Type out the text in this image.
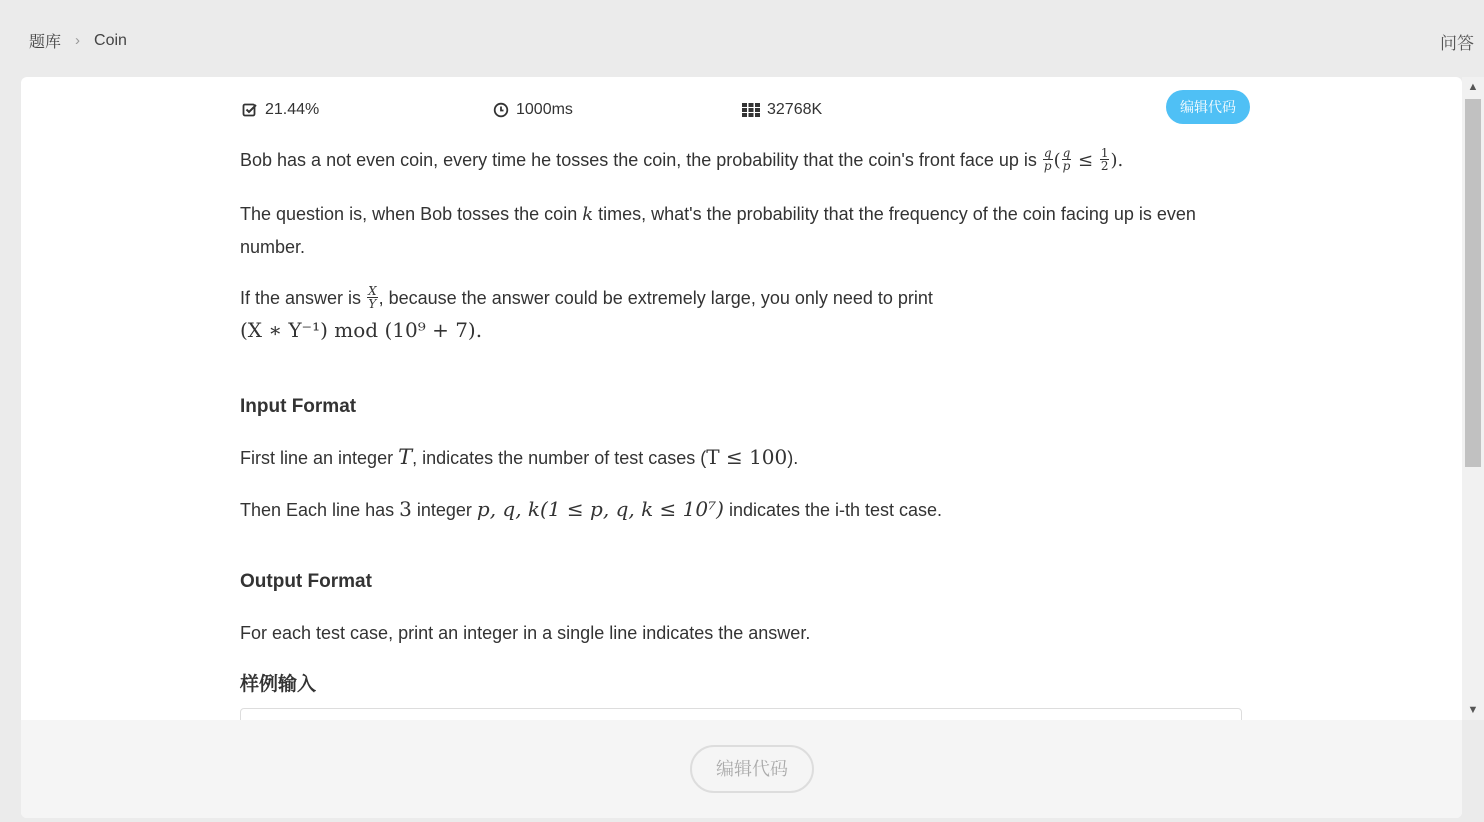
题库 › Coin	问答
21.44%	1000ms	32768K	编辑代码

Bob has a not even coin, every time he tosses the coin, the probability that the coin's front face up is $\frac{q}{p}$ ( $\frac{q}{p} \le \frac{1}{2}$ ).

The question is, when Bob tosses the coin k times, what's the probability that the frequency of the coin facing up is even number.

If the answer is $\frac{X}{Y}$ , because the answer could be extremely large, you only need to print

(X ∗ Y⁻¹) mod (10⁹ + 7).

Input Format

First line an integer T, indicates the number of test cases (T ≤ 100).

Then Each line has 3 integer p, q, k(1 ≤ p, q, k ≤ 10⁷) indicates the i-th test case.

Output Format

For each test case, print an integer in a single line indicates the answer.

样例输入
编辑代码
▲
▼
